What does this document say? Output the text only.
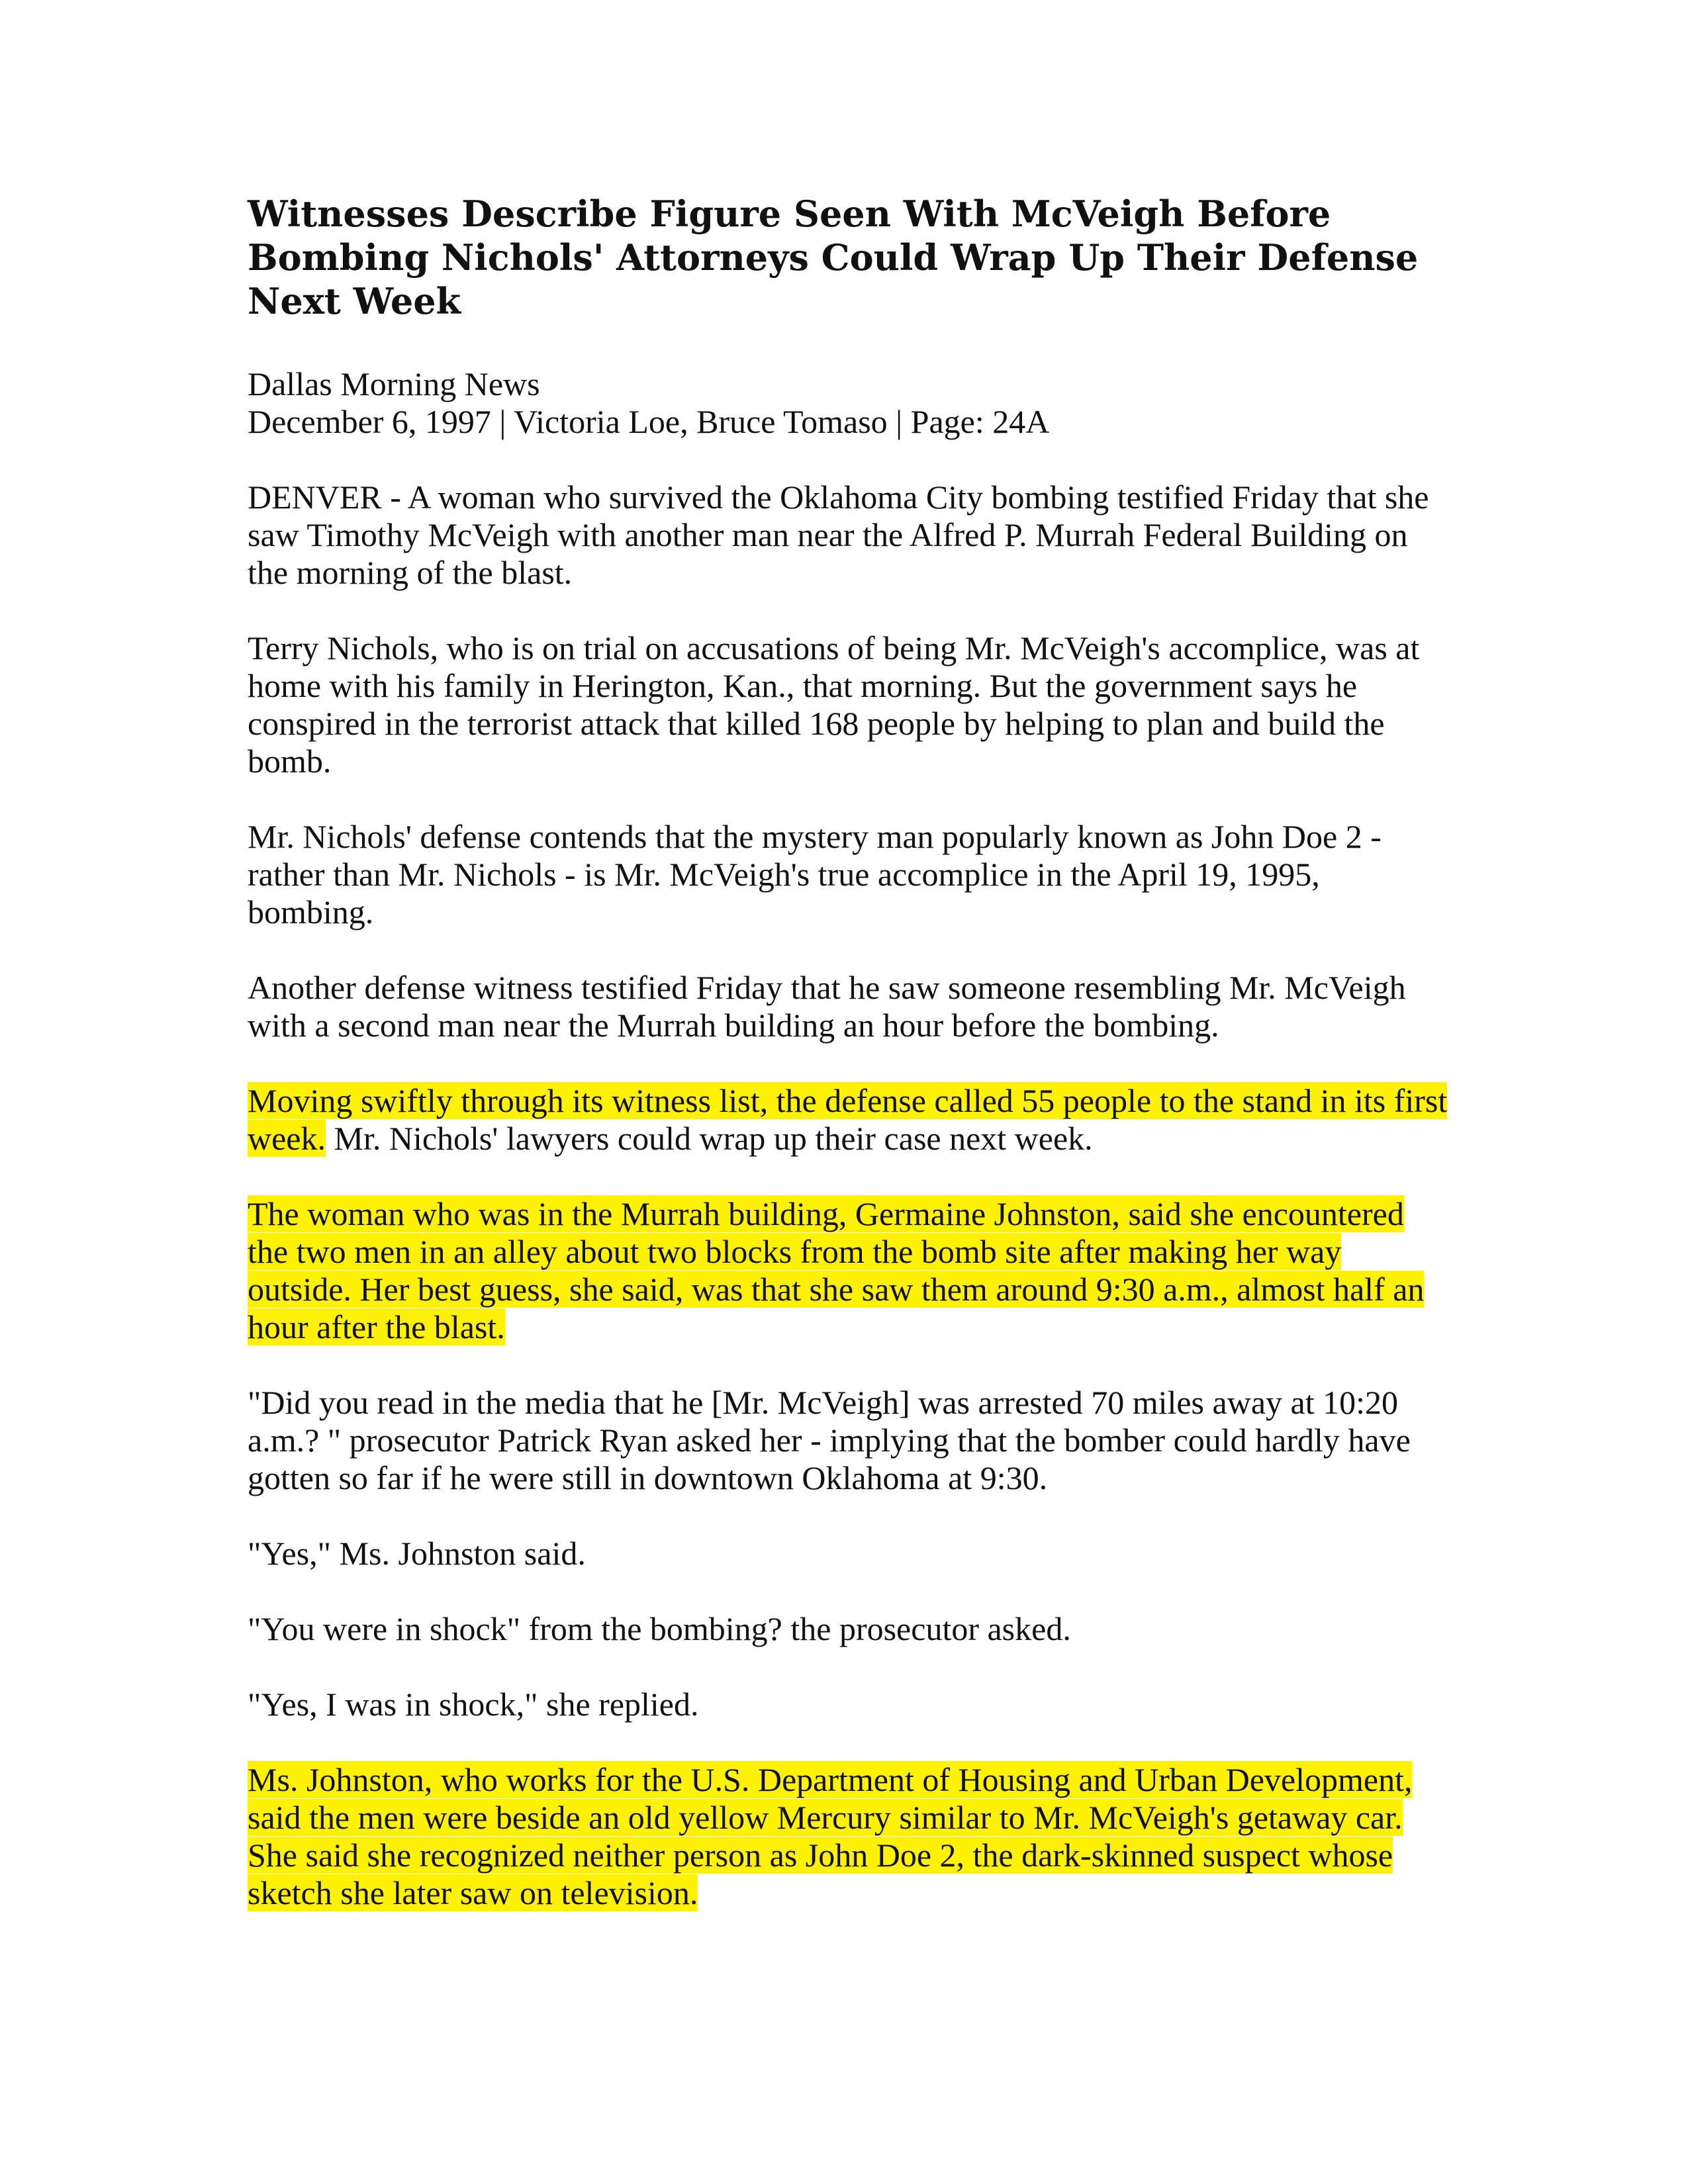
Witnesses Describe Figure Seen With McVeigh Before Bombing Nichols' Attorneys Could Wrap Up Their Defense Next Week
Dallas Morning News
December 6, 1997 | Victoria Loe, Bruce Tomaso | Page: 24A

DENVER - A woman who survived the Oklahoma City bombing testified Friday that she saw Timothy McVeigh with another man near the Alfred P. Murrah Federal Building on the morning of the blast.

Terry Nichols, who is on trial on accusations of being Mr. McVeigh's accomplice, was at home with his family in Herington, Kan., that morning. But the government says he conspired in the terrorist attack that killed 168 people by helping to plan and build the bomb.

Mr. Nichols' defense contends that the mystery man popularly known as John Doe 2 - rather than Mr. Nichols - is Mr. McVeigh's true accomplice in the April 19, 1995, bombing.

Another defense witness testified Friday that he saw someone resembling Mr. McVeigh with a second man near the Murrah building an hour before the bombing.

Moving swiftly through its witness list, the defense called 55 people to the stand in its first week. Mr. Nichols' lawyers could wrap up their case next week.

The woman who was in the Murrah building, Germaine Johnston, said she encountered the two men in an alley about two blocks from the bomb site after making her way outside. Her best guess, she said, was that she saw them around 9:30 a.m., almost half an hour after the blast.

"Did you read in the media that he [Mr. McVeigh] was arrested 70 miles away at 10:20 a.m.? " prosecutor Patrick Ryan asked her - implying that the bomber could hardly have gotten so far if he were still in downtown Oklahoma at 9:30.

"Yes," Ms. Johnston said.

"You were in shock" from the bombing? the prosecutor asked.

"Yes, I was in shock," she replied.

Ms. Johnston, who works for the U.S. Department of Housing and Urban Development, said the men were beside an old yellow Mercury similar to Mr. McVeigh's getaway car. She said she recognized neither person as John Doe 2, the dark-skinned suspect whose sketch she later saw on television.
